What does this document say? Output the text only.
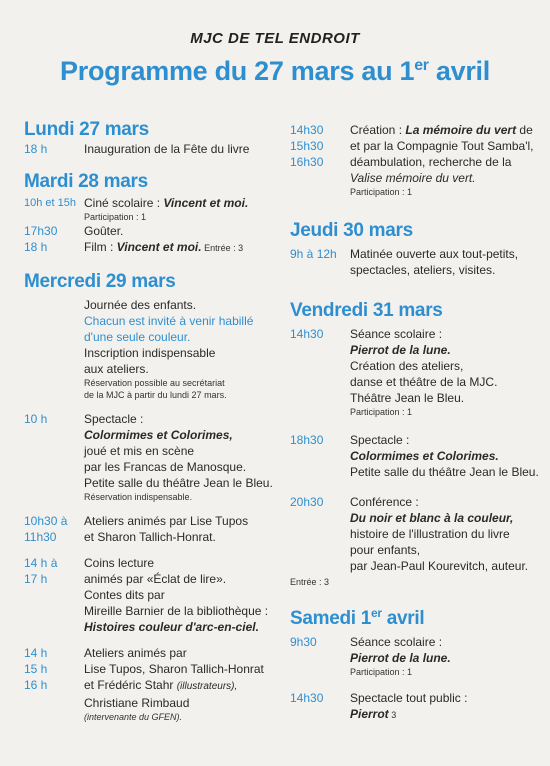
MJC DE TEL ENDROIT
Programme du 27 mars au 1er avril
Lundi 27 mars
18 h	Inauguration de la Fête du livre
Mardi 28 mars
10h et 15h Ciné scolaire : Vincent et moi.
Participation : 1
17h30	Goûter.
18 h	Film : Vincent et moi. Entrée : 3
Mercredi 29 mars
Journée des enfants.
Chacun est invité à venir habillé
d'une seule couleur.
Inscription indispensable
aux ateliers.
Réservation possible au secrétariat
de la MJC à partir du lundi 27 mars.
10 h	Spectacle :
Colormimes et Colorimes,
joué et mis en scène
par les Francas de Manosque.
Petite salle du théâtre Jean le Bleu.
Réservation indispensable.
10h30 à
11h30
Ateliers animés par Lise Tupos
et Sharon Tallich-Honrat.
14 h à
17 h
Coins lecture
animés par «Éclat de lire».
Contes dits par
Mireille Barnier de la bibliothèque :
Histoires couleur d'arc-en-ciel.
14 h
15 h
16 h
Ateliers animés par
Lise Tupos, Sharon Tallich-Honrat
et Frédéric Stahr (illustrateurs),
Christiane Rimbaud
(intervenante du GFEN).
14h30
15h30
16h30
Création : La mémoire du vert de
et par la Compagnie Tout Samba'l,
déambulation, recherche de la
Valise mémoire du vert.
Participation : 1
Jeudi 30 mars
9h à 12h	Matinée ouverte aux tout-petits,
spectacles, ateliers, visites.
Vendredi 31 mars
14h30	Séance scolaire :
Pierrot de la lune.
Création des ateliers,
danse et théâtre de la MJC.
Théâtre Jean le Bleu.
Participation : 1
18h30	Spectacle :
Colormimes et Colorimes.
Petite salle du théâtre Jean le Bleu.
20h30	Conférence :
Du noir et blanc à la couleur,
histoire de l'illustration du livre
pour enfants,
par Jean-Paul Kourevitch, auteur.
Entrée : 3
Samedi 1er avril
9h30	Séance scolaire :
Pierrot de la lune.
Participation : 1
14h30	Spectacle tout public :
Pierrot 3
